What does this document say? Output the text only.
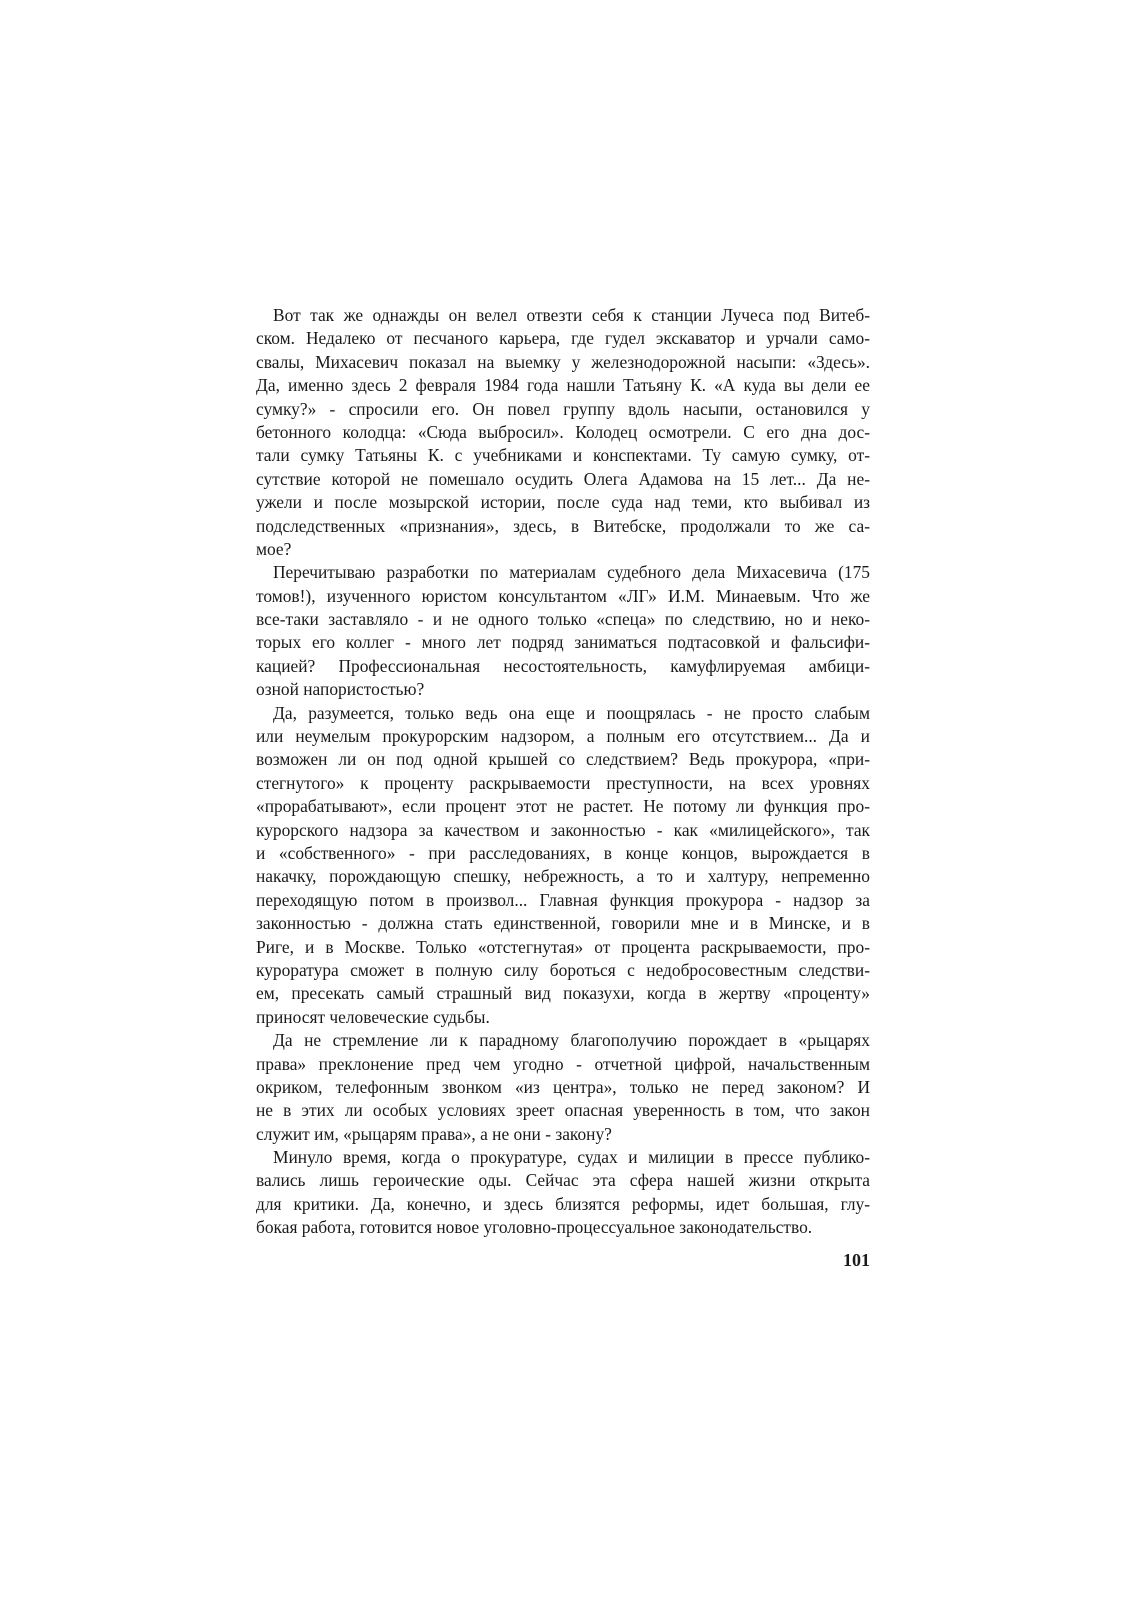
Вот так же однажды он велел отвезти себя к станции Лучеса под Витеб-
ском. Недалеко от песчаного карьера, где гудел экскаватор и урчали само-
свалы, Михасевич показал на выемку у железнодорожной насыпи: «Здесь».
Да, именно здесь 2 февраля 1984 года нашли Татьяну К. «А куда вы дели ее
сумку?» - спросили его. Он повел группу вдоль насыпи, остановился у
бетонного колодца: «Сюда выбросил». Колодец осмотрели. С его дна дос-
тали сумку Татьяны К. с учебниками и конспектами. Ту самую сумку, от-
сутствие которой не помешало осудить Олега Адамова на 15 лет... Да не-
ужели и после мозырской истории, после суда над теми, кто выбивал из
подследственных «признания», здесь, в Витебске, продолжали то же са-
мое?
Перечитываю разработки по материалам судебного дела Михасевича (175
томов!), изученного юристом консультантом «ЛГ» И.М. Минаевым. Что же
все-таки заставляло - и не одного только «спеца» по следствию, но и неко-
торых его коллег - много лет подряд заниматься подтасовкой и фальсифи-
кацией? Профессиональная несостоятельность, камуфлируемая амбици-
озной напористостью?
Да, разумеется, только ведь она еще и поощрялась - не просто слабым
или неумелым прокурорским надзором, а полным его отсутствием... Да и
возможен ли он под одной крышей со следствием? Ведь прокурора, «при-
стегнутого» к проценту раскрываемости преступности, на всех уровнях
«прорабатывают», если процент этот не растет. Не потому ли функция про-
курорского надзора за качеством и законностью - как «милицейского», так
и «собственного» - при расследованиях, в конце концов, вырождается в
накачку, порождающую спешку, небрежность, а то и халтуру, непременно
переходящую потом в произвол... Главная функция прокурора - надзор за
законностью - должна стать единственной, говорили мне и в Минске, и в
Риге, и в Москве. Только «отстегнутая» от процента раскрываемости, про-
куроратура сможет в полную силу бороться с недобросовестным следстви-
ем, пресекать самый страшный вид показухи, когда в жертву «проценту»
приносят человеческие судьбы.
Да не стремление ли к парадному благополучию порождает в «рыцарях
права» преклонение пред чем угодно - отчетной цифрой, начальственным
окриком, телефонным звонком «из центра», только не перед законом? И
не в этих ли особых условиях зреет опасная уверенность в том, что закон
служит им, «рыцарям права», а не они - закону?
Минуло время, когда о прокуратуре, судах и милиции в прессе публико-
вались лишь героические оды. Сейчас эта сфера нашей жизни открыта
для критики. Да, конечно, и здесь близятся реформы, идет большая, глу-
бокая работа, готовится новое уголовно-процессуальное законодательство.
101
